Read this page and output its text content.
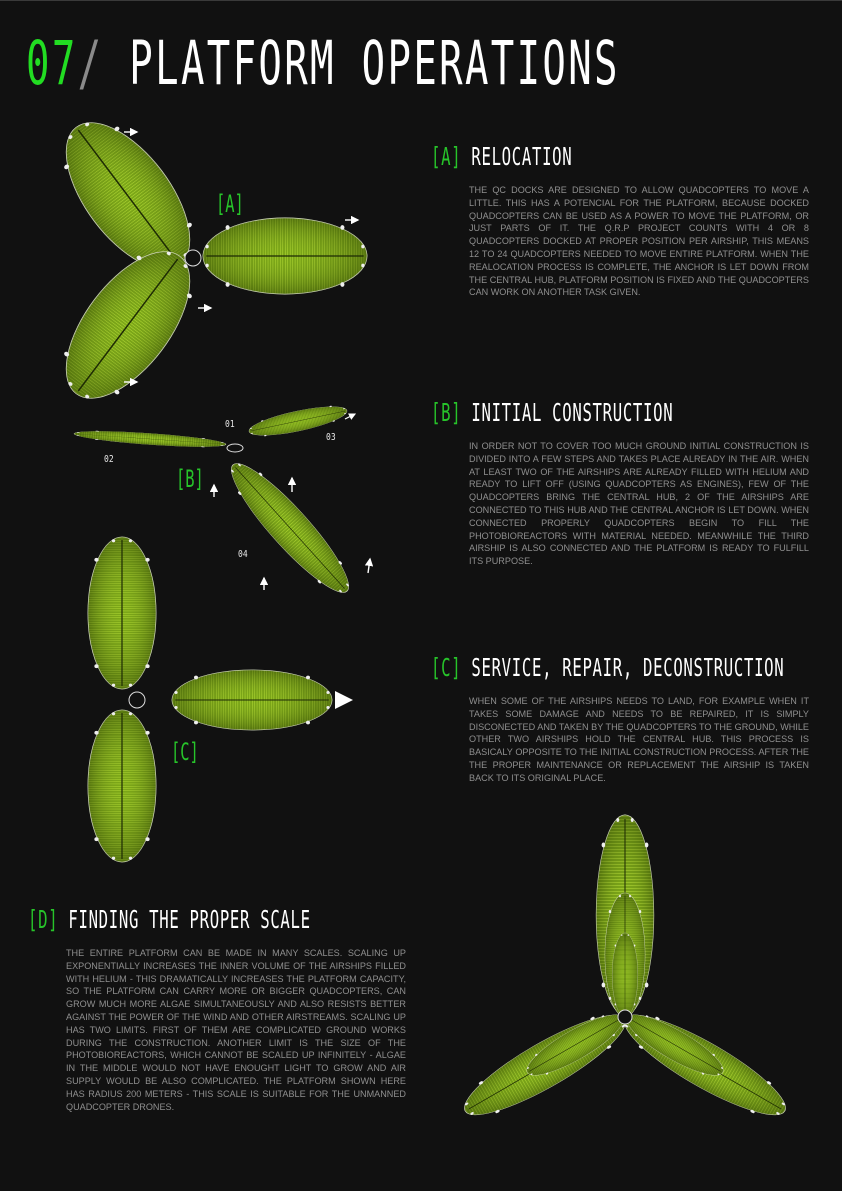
07/ PLATFORM OPERATIONS
[A]
[B]
[C]
01
02
03
04
[A] RELOCATION

THE QC DOCKS ARE DESIGNED TO ALLOW QUADCOPTERS TO MOVE A LITTLE. THIS HAS A POTENCIAL FOR THE PLATFORM, BECAUSE DOCKED QUADCOPTERS CAN BE USED AS A POWER TO MOVE THE PLATFORM, OR JUST PARTS OF IT. THE Q.R.P PROJECT COUNTS WITH 4 OR 8 QUADCOPTERS DOCKED AT PROPER POSITION PER AIRSHIP, THIS MEANS 12 TO 24 QUADCOPTERS NEEDED TO MOVE ENTIRE PLATFORM. WHEN THE REALOCATION PROCESS IS COMPLETE, THE ANCHOR IS LET DOWN FROM THE CENTRAL HUB, PLATFORM POSITION IS FIXED AND THE QUADCOPTERS CAN WORK ON ANOTHER TASK GIVEN.

[B] INITIAL CONSTRUCTION

IN ORDER NOT TO COVER TOO MUCH GROUND INITIAL CONSTRUCTION IS DIVIDED INTO A FEW STEPS AND TAKES PLACE ALREADY IN THE AIR. WHEN AT LEAST TWO OF THE AIRSHIPS ARE ALREADY FILLED WITH HELIUM AND READY TO LIFT OFF (USING QUADCOPTERS AS ENGINES), FEW OF THE QUADCOPTERS BRING THE CENTRAL HUB, 2 OF THE AIRSHIPS ARE CONNECTED TO THIS HUB AND THE CENTRAL ANCHOR IS LET DOWN. WHEN CONNECTED PROPERLY QUADCOPTERS BEGIN TO FILL THE PHOTOBIOREACTORS WITH MATERIAL NEEDED. MEANWHILE THE THIRD AIRSHIP IS ALSO CONNECTED AND THE PLATFORM IS READY TO FULFILL ITS PURPOSE.

[C] SERVICE, REPAIR, DECONSTRUCTION

WHEN SOME OF THE AIRSHIPS NEEDS TO LAND, FOR EXAMPLE WHEN IT TAKES SOME DAMAGE AND NEEDS TO BE REPAIRED, IT IS SIMPLY DISCONECTED AND TAKEN BY THE QUADCOPTERS TO THE GROUND, WHILE OTHER TWO AIRSHIPS HOLD THE CENTRAL HUB. THIS PROCESS IS BASICALY OPPOSITE TO THE INITIAL CONSTRUCTION PROCESS. AFTER THE THE PROPER MAINTENANCE OR REPLACEMENT THE AIRSHIP IS TAKEN BACK TO ITS ORIGINAL PLACE.

[D] FINDING THE PROPER SCALE

THE ENTIRE PLATFORM CAN BE MADE IN MANY SCALES. SCALING UP EXPONENTIALLY INCREASES THE INNER VOLUME OF THE AIRSHIPS FILLED WITH HELIUM - THIS DRAMATICALLY INCREASES THE PLATFORM CAPACITY, SO THE PLATFORM CAN CARRY MORE OR BIGGER QUADCOPTERS, CAN GROW MUCH MORE ALGAE SIMULTANEOUSLY AND ALSO RESISTS BETTER AGAINST THE POWER OF THE WIND AND OTHER AIRSTREAMS. SCALING UP HAS TWO LIMITS. FIRST OF THEM ARE COMPLICATED GROUND WORKS DURING THE CONSTRUCTION. ANOTHER LIMIT IS THE SIZE OF THE PHOTOBIOREACTORS, WHICH CANNOT BE SCALED UP INFINITELY - ALGAE IN THE MIDDLE WOULD NOT HAVE ENOUGHT LIGHT TO GROW AND AIR SUPPLY WOULD BE ALSO COMPLICATED. THE PLATFORM SHOWN HERE HAS RADIUS 200 METERS - THIS SCALE IS SUITABLE FOR THE UNMANNED QUADCOPTER DRONES.
